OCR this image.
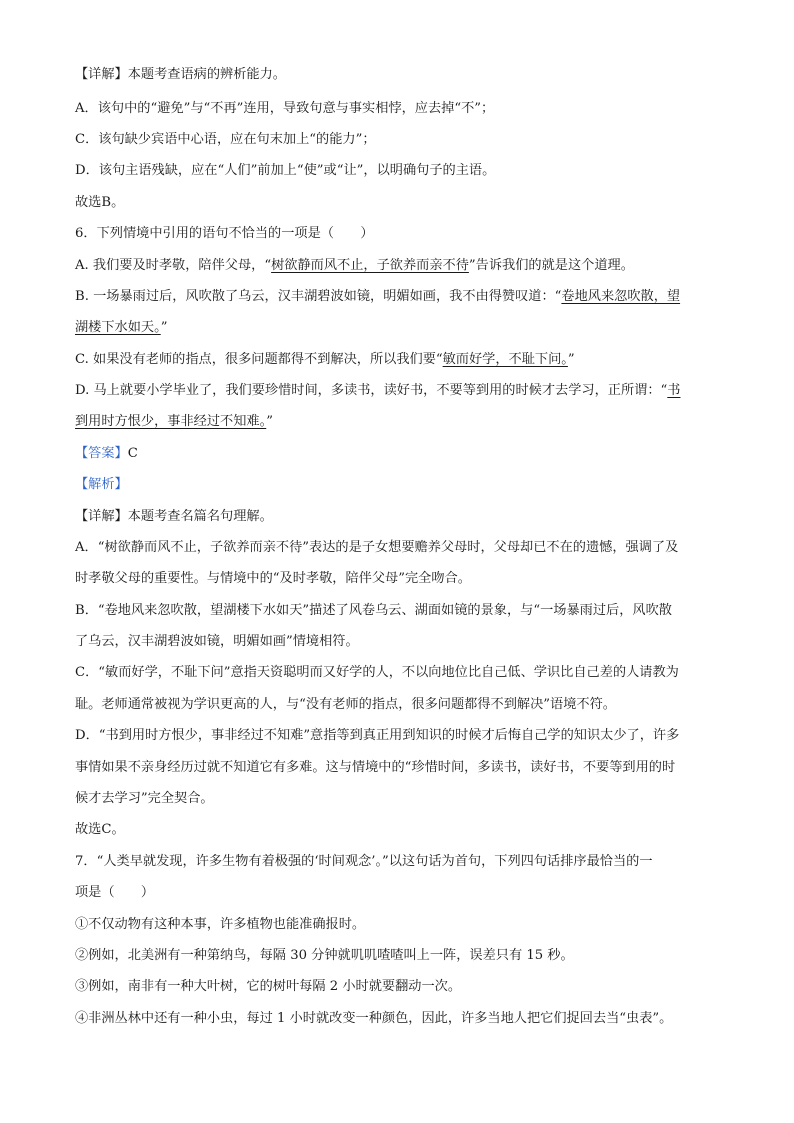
【详解】本题考查语病的辨析能力。
A．该句中的“避免”与“不再”连用，导致句意与事实相悖，应去掉“不”；
C．该句缺少宾语中心语，应在句末加上“的能力”；
D．该句主语残缺，应在“人们”前加上“使”或“让”，以明确句子的主语。
故选B。
6．下列情境中引用的语句不恰当的一项是（　　）
A. 我们要及时孝敬，陪伴父母，“树欲静而风不止，子欲养而亲不待”告诉我们的就是这个道理。
B. 一场暴雨过后，风吹散了乌云，汉丰湖碧波如镜，明媚如画，我不由得赞叹道：“卷地风来忽吹散，望
湖楼下水如天。”
C. 如果没有老师的指点，很多问题都得不到解决，所以我们要“敏而好学，不耻下问。”
D. 马上就要小学毕业了，我们要珍惜时间，多读书，读好书，不要等到用的时候才去学习，正所谓：“书
到用时方恨少，事非经过不知难。”
【答案】C
【解析】
【详解】本题考查名篇名句理解。
A．“树欲静而风不止，子欲养而亲不待”表达的是子女想要赡养父母时，父母却已不在的遗憾，强调了及
时孝敬父母的重要性。与情境中的“及时孝敬，陪伴父母”完全吻合。
B．“卷地风来忽吹散，望湖楼下水如天”描述了风卷乌云、湖面如镜的景象，与“一场暴雨过后，风吹散
了乌云，汉丰湖碧波如镜，明媚如画”情境相符。
C．“敏而好学，不耻下问”意指天资聪明而又好学的人，不以向地位比自己低、学识比自己差的人请教为
耻。老师通常被视为学识更高的人，与“没有老师的指点，很多问题都得不到解决”语境不符。
D．“书到用时方恨少，事非经过不知难”意指等到真正用到知识的时候才后悔自己学的知识太少了，许多
事情如果不亲身经历过就不知道它有多难。这与情境中的“珍惜时间，多读书，读好书，不要等到用的时
候才去学习”完全契合。
故选C。
7．“人类早就发现，许多生物有着极强的‘时间观念’。”以这句话为首句，下列四句话排序最恰当的一
项是（　　）
①不仅动物有这种本事，许多植物也能准确报时。
②例如，北美洲有一种第纳鸟，每隔 30 分钟就叽叽喳喳叫上一阵，误差只有 15 秒。
③例如，南非有一种大叶树，它的树叶每隔 2 小时就要翻动一次。
④非洲丛林中还有一种小虫，每过 1 小时就改变一种颜色，因此，许多当地人把它们捉回去当“虫表”。
